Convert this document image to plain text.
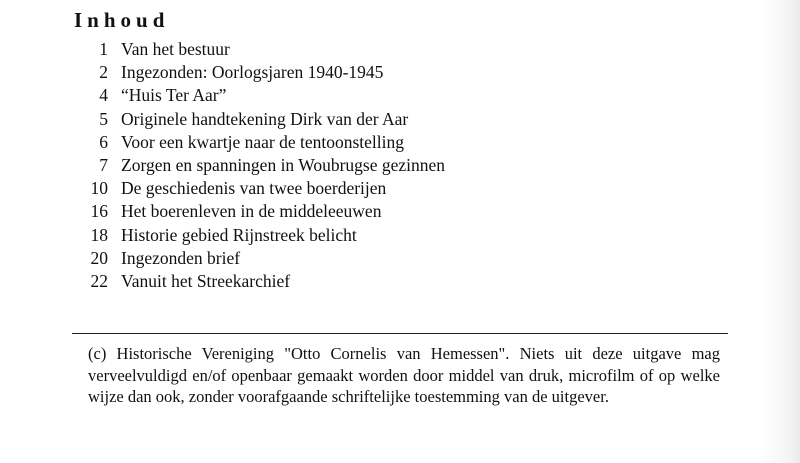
Inhoud
1 Van het bestuur
2 Ingezonden: Oorlogsjaren 1940-1945
4 “Huis Ter Aar”
5 Originele handtekening Dirk van der Aar
6 Voor een kwartje naar de tentoonstelling
7 Zorgen en spanningen in Woubrugse gezinnen
10 De geschiedenis van twee boerderijen
16 Het boerenleven in de middeleeuwen
18 Historie gebied Rijnstreek belicht
20 Ingezonden brief
22 Vanuit het Streekarchief

(c) Historische Vereniging "Otto Cornelis van Hemessen". Niets uit deze uitgave mag verveelvuldigd en/of openbaar gemaakt worden door middel van druk, microfilm of op welke wijze dan ook, zonder voorafgaande schriftelijke toestemming van de uitgever.
